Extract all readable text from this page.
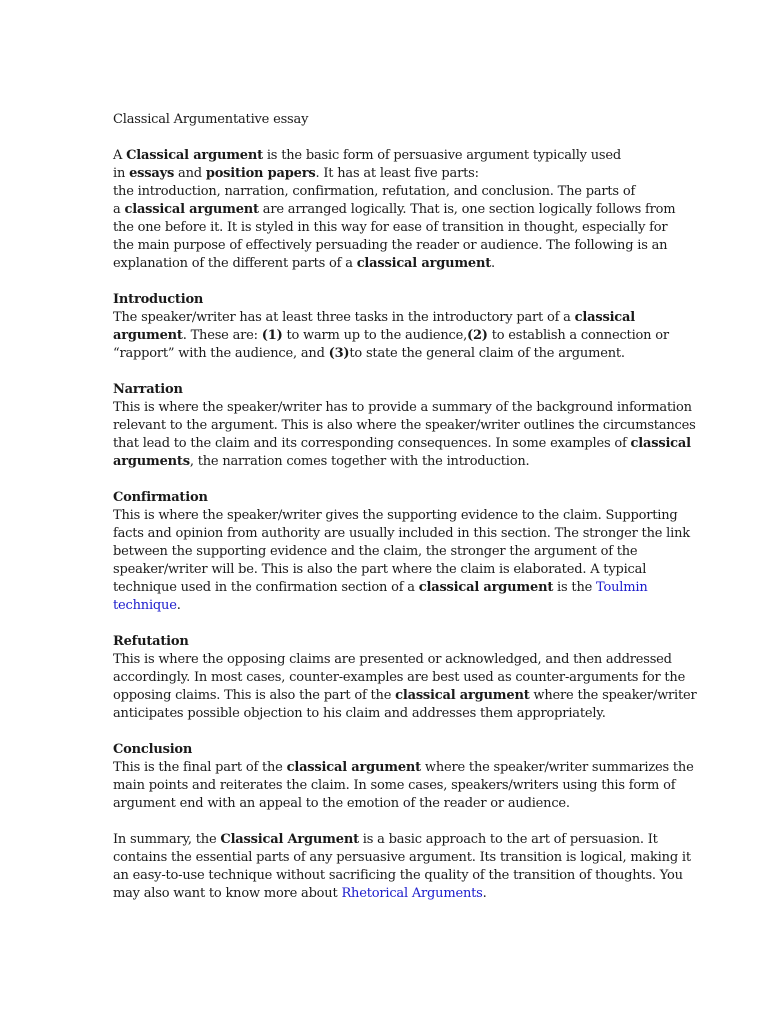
Classical Argumentative essay
A Classical argument is the basic form of persuasive argument typically used
in essays and position papers. It has at least five parts:
the introduction, narration, confirmation, refutation, and conclusion. The parts of
a classical argument are arranged logically. That is, one section logically follows from
the one before it. It is styled in this way for ease of transition in thought, especially for
the main purpose of effectively persuading the reader or audience. The following is an
explanation of the different parts of a classical argument.
Introduction
The speaker/writer has at least three tasks in the introductory part of a classical
argument. These are: (1) to warm up to the audience,(2) to establish a connection or
“rapport” with the audience, and (3)to state the general claim of the argument.
Narration
This is where the speaker/writer has to provide a summary of the background information
relevant to the argument. This is also where the speaker/writer outlines the circumstances
that lead to the claim and its corresponding consequences. In some examples of classical
arguments, the narration comes together with the introduction.
Confirmation
This is where the speaker/writer gives the supporting evidence to the claim. Supporting
facts and opinion from authority are usually included in this section. The stronger the link
between the supporting evidence and the claim, the stronger the argument of the
speaker/writer will be. This is also the part where the claim is elaborated. A typical
technique used in the confirmation section of a classical argument is the Toulmin
technique.
Refutation
This is where the opposing claims are presented or acknowledged, and then addressed
accordingly. In most cases, counter-examples are best used as counter-arguments for the
opposing claims. This is also the part of the classical argument where the speaker/writer
anticipates possible objection to his claim and addresses them appropriately.
Conclusion
This is the final part of the classical argument where the speaker/writer summarizes the
main points and reiterates the claim. In some cases, speakers/writers using this form of
argument end with an appeal to the emotion of the reader or audience.
In summary, the Classical Argument is a basic approach to the art of persuasion. It
contains the essential parts of any persuasive argument. Its transition is logical, making it
an easy-to-use technique without sacrificing the quality of the transition of thoughts. You
may also want to know more about Rhetorical Arguments.
